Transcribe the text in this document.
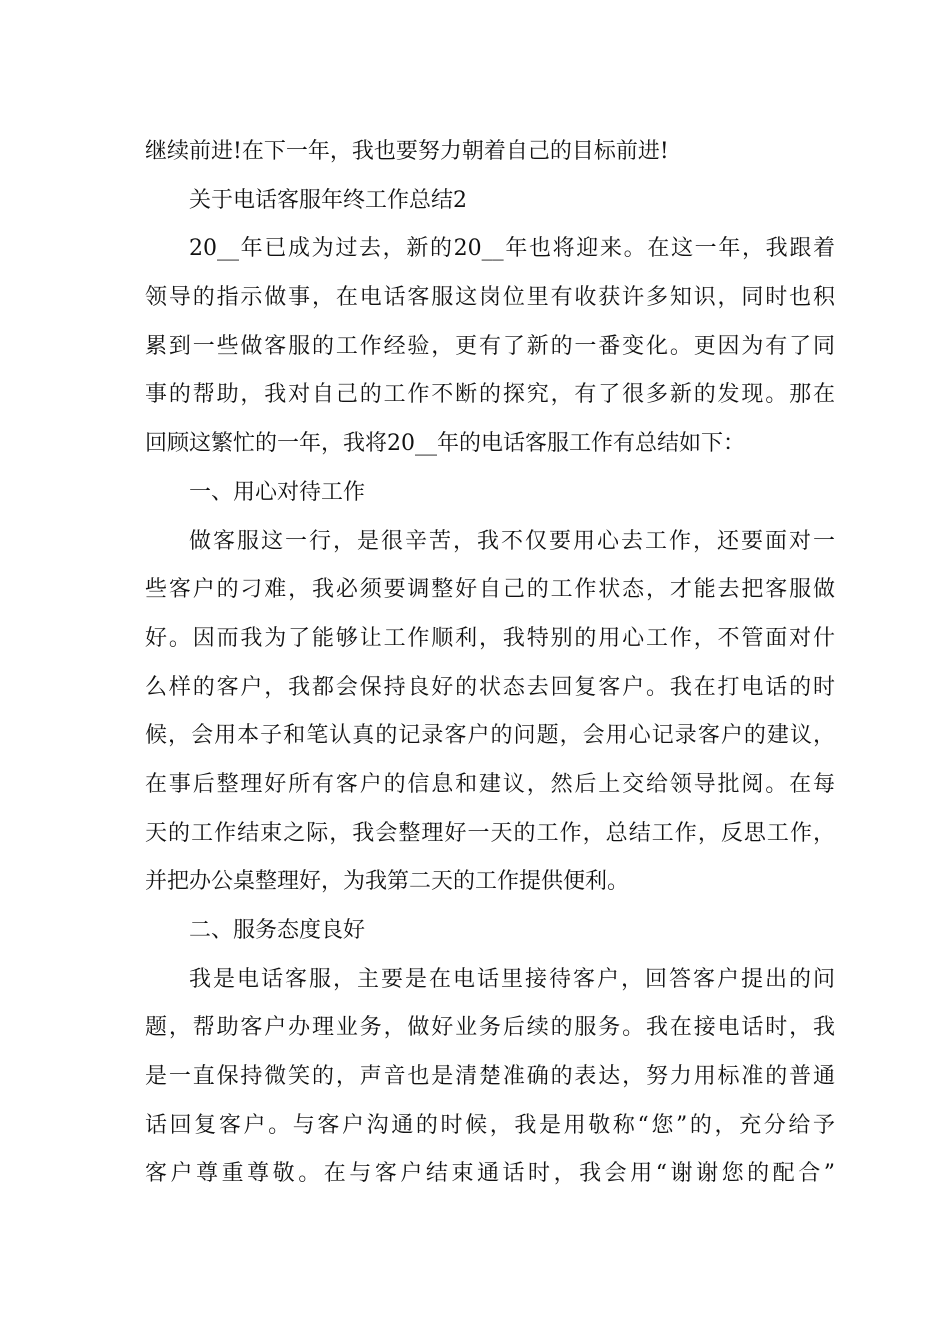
继续前进!在下一年，我也要努力朝着自己的目标前进!
关于电话客服年终工作总结2
20__年已成为过去，新的20__年也将迎来。在这一年，我跟着
领导的指示做事，在电话客服这岗位里有收获许多知识，同时也积
累到一些做客服的工作经验，更有了新的一番变化。更因为有了同
事的帮助，我对自己的工作不断的探究，有了很多新的发现。那在
回顾这繁忙的一年，我将20__年的电话客服工作有总结如下：
一、用心对待工作
做客服这一行，是很辛苦，我不仅要用心去工作，还要面对一
些客户的刁难，我必须要调整好自己的工作状态，才能去把客服做
好。因而我为了能够让工作顺利，我特别的用心工作，不管面对什
么样的客户，我都会保持良好的状态去回复客户。我在打电话的时
候，会用本子和笔认真的记录客户的问题，会用心记录客户的建议，
在事后整理好所有客户的信息和建议，然后上交给领导批阅。在每
天的工作结束之际，我会整理好一天的工作，总结工作，反思工作，
并把办公桌整理好，为我第二天的工作提供便利。
二、服务态度良好
我是电话客服，主要是在电话里接待客户，回答客户提出的问
题，帮助客户办理业务，做好业务后续的服务。我在接电话时，我
是一直保持微笑的，声音也是清楚准确的表达，努力用标准的普通
话回复客户。与客户沟通的时候，我是用敬称“您”的，充分给予
客户尊重尊敬。在与客户结束通话时，我会用“谢谢您的配合”
